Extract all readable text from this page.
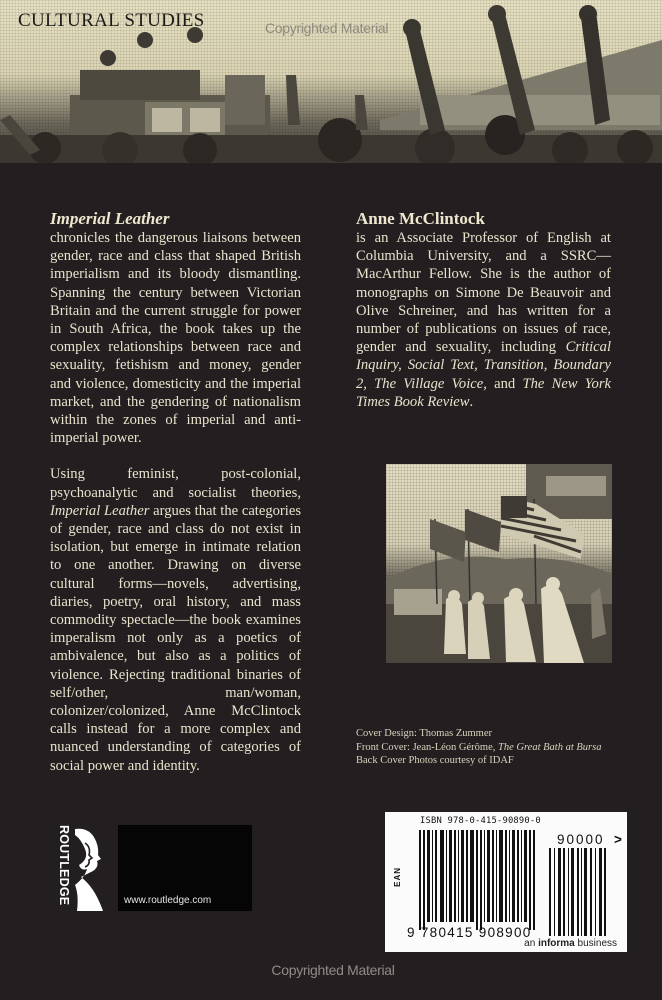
CULTURAL STUDIES	Copyrighted Material
Imperial Leather

chronicles the dangerous liaisons between gender, race and class that shaped British imperialism and its bloody dismantling. Spanning the century between Victorian Britain and the current struggle for power in South Africa, the book takes up the complex relationships between race and sexuality, fetishism and money, gender and violence, domesticity and the imperial market, and the gendering of nationalism within the zones of imperial and anti-imperial power.

Using feminist, post-colonial, psychoanalytic and socialist theories, Imperial Leather argues that the categories of gender, race and class do not exist in isolation, but emerge in intimate relation to one another. Drawing on diverse cultural forms—novels, advertising, diaries, poetry, oral history, and mass commodity spectacle—the book examines imperalism not only as a poetics of ambivalence, but also as a politics of violence. Rejecting traditional binaries of self/other, man/woman, colonizer/colonized, Anne McClintock calls instead for a more complex and nuanced understanding of categories of social power and identity.

Anne McClintock

is an Associate Professor of English at Columbia University, and a SSRC—MacArthur Fellow. She is the author of monographs on Simone De Beauvoir and Olive Schreiner, and has written for a number of publications on issues of race, gender and sexuality, including Critical Inquiry, Social Text, Transition, Boundary 2, The Village Voice, and The New York Times Book Review.

Cover Design: Thomas Zummer
Front Cover: Jean-Léon Gérôme, The Great Bath at Bursa
Back Cover Photos courtesy of IDAF
ROUTLEDGE	www.routledge.com
ISBN 978-0-415-90890-0
EAN
90000 >
9 780415 908900
an informa business
Copyrighted Material
